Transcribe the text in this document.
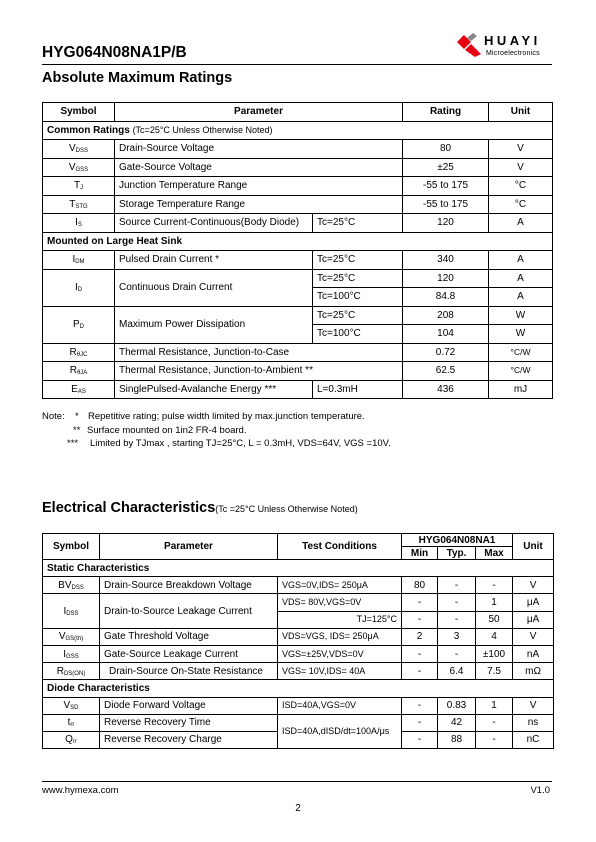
HYG064N08NA1P/B
HUAYI
Microelectronics
Absolute Maximum Ratings
Symbol	Parameter		Rating	Unit
Common Ratings (Tc=25°C Unless Otherwise Noted)				
$V_{DSS}$	Drain-Source Voltage		80	V
$V_{GSS}$	Gate-Source Voltage		±25	V
$T_J$	Junction Temperature Range		-55 to 175	°C
$T_{STG}$	Storage Temperature Range		-55 to 175	°C
$I_S$	Source Current-Continuous(Body Diode)	Tc=25°C	120	A
Mounted on Large Heat Sink				
$I_{DM}$	Pulsed Drain Current *	Tc=25°C	340	A
$I_D$	Continuous Drain Current	Tc=25°C	120	A
		Tc=100°C	84.8	A
$P_D$	Maximum Power Dissipation	Tc=25°C	208	W
		Tc=100°C	104	W
$R_{\theta JC}$	Thermal Resistance, Junction-to-Case		0.72	°C/W
$R_{\theta JA}$	Thermal Resistance, Junction-to-Ambient **		62.5	°C/W
$E_{AS}$	SinglePulsed-Avalanche Energy ***	L=0.3mH	436	mJ
Note: * Repetitive rating; pulse width limited by max.junction temperature.
** Surface mounted on 1in2 FR-4 board.
*** Limited by TJmax , starting TJ=25°C, L = 0.3mH, VDS=64V, VGS =10V.
Electrical Characteristics(Tc =25°C Unless Otherwise Noted)
Symbol	Parameter	Test Conditions	HYG064N08NA1			Unit
			Min	Typ.	Max	
Static Characteristics						
$BV_{DSS}$	Drain-Source Breakdown Voltage	VGS=0V,IDS= 250μA	80	-	-	V
$I_{DSS}$	Drain-to-Source Leakage Current	VDS= 80V,VGS=0V	-	-	1	μA
		TJ=125°C	-	-	50	μA
$V_{GS(th)}$	Gate Threshold Voltage	VDS=VGS, IDS= 250μA	2	3	4	V
$I_{GSS}$	Gate-Source Leakage Current	VGS=±25V,VDS=0V	-	-	±100	nA
$R_{DS(ON)}$	Drain-Source On-State Resistance	VGS= 10V,IDS= 40A	-	6.4	7.5	mΩ
Diode Characteristics						
$V_{SD}$	Diode Forward Voltage	ISD=40A,VGS=0V	-	0.83	1	V
$t_{rr}$	Reverse Recovery Time	ISD=40A,dISD/dt=100A/μs	-	42	-	ns
$Q_{rr}$	Reverse Recovery Charge		-	88	-	nC
www.hymexa.com	V1.0
2
